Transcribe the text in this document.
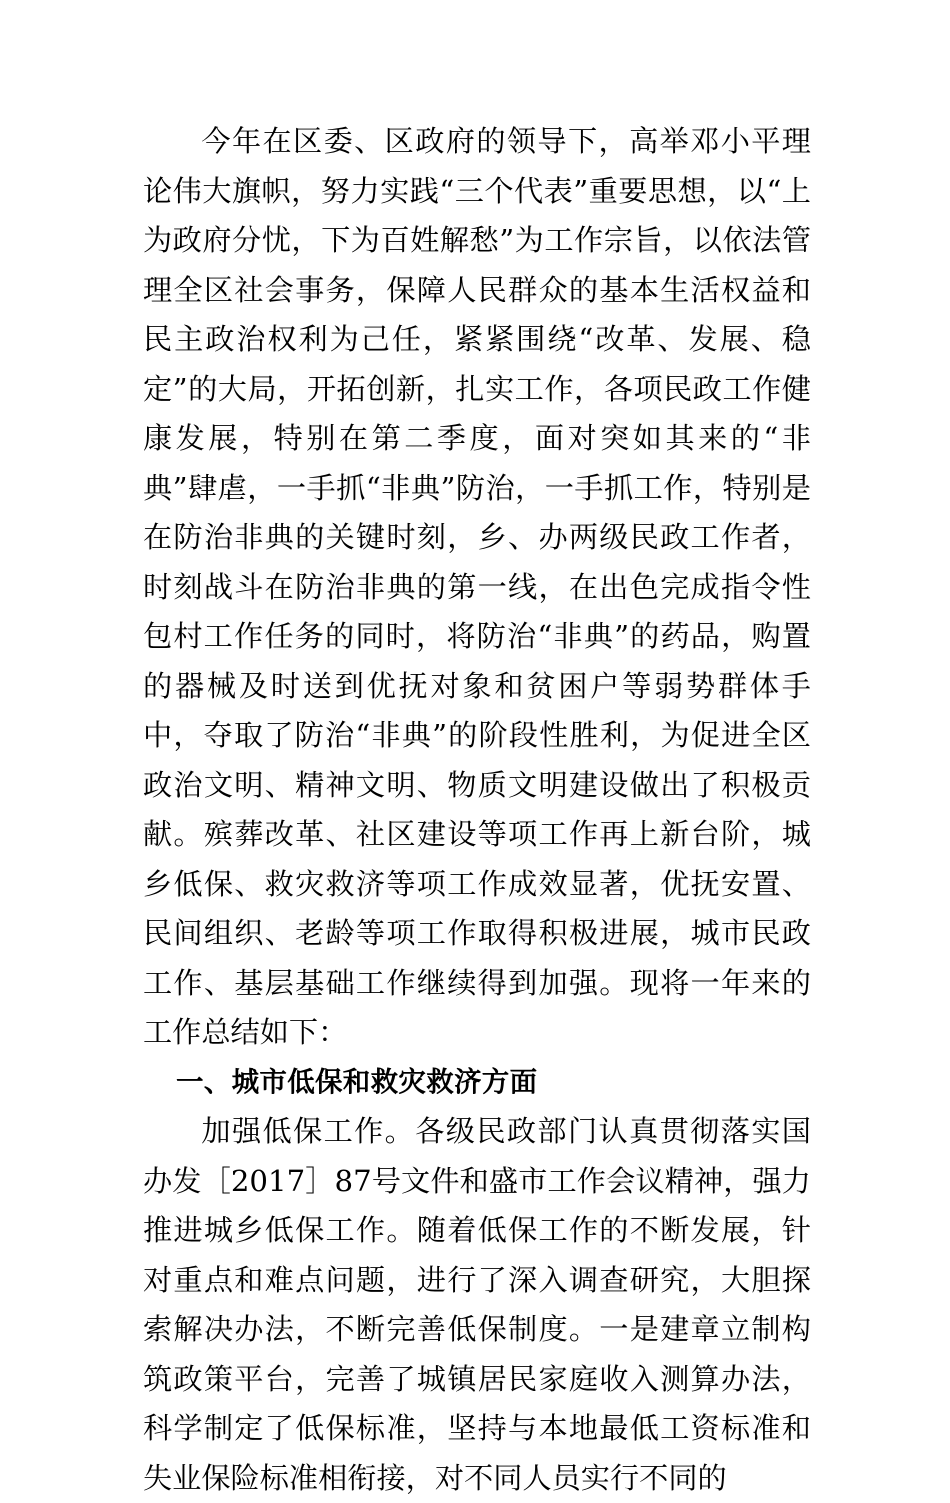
今年在区委、区政府的领导下，高举邓小平理论伟大旗帜，努力实践“三个代表”重要思想，以“上为政府分忧，下为百姓解愁”为工作宗旨，以依法管理全区社会事务，保障人民群众的基本生活权益和民主政治权利为己任，紧紧围绕“改革、发展、稳定”的大局，开拓创新，扎实工作，各项民政工作健康发展，特别在第二季度，面对突如其来的“非典”肆虐，一手抓“非典”防治，一手抓工作，特别是在防治非典的关键时刻，乡、办两级民政工作者，时刻战斗在防治非典的第一线，在出色完成指令性包村工作任务的同时，将防治“非典”的药品，购置的器械及时送到优抚对象和贫困户等弱势群体手中，夺取了防治“非典”的阶段性胜利，为促进全区政治文明、精神文明、物质文明建设做出了积极贡献。殡葬改革、社区建设等项工作再上新台阶，城乡低保、救灾救济等项工作成效显著，优抚安置、民间组织、老龄等项工作取得积极进展，城市民政工作、基层基础工作继续得到加强。现将一年来的工作总结如下：

一、城市低保和救灾救济方面

加强低保工作。各级民政部门认真贯彻落实国办发［2017］87号文件和盛市工作会议精神，强力推进城乡低保工作。随着低保工作的不断发展，针对重点和难点问题，进行了深入调查研究，大胆探索解决办法，不断完善低保制度。一是建章立制构筑政策平台，完善了城镇居民家庭收入测算办法，科学制定了低保标准，坚持与本地最低工资标准和失业保险标准相衔接，对不同人员实行不同的
